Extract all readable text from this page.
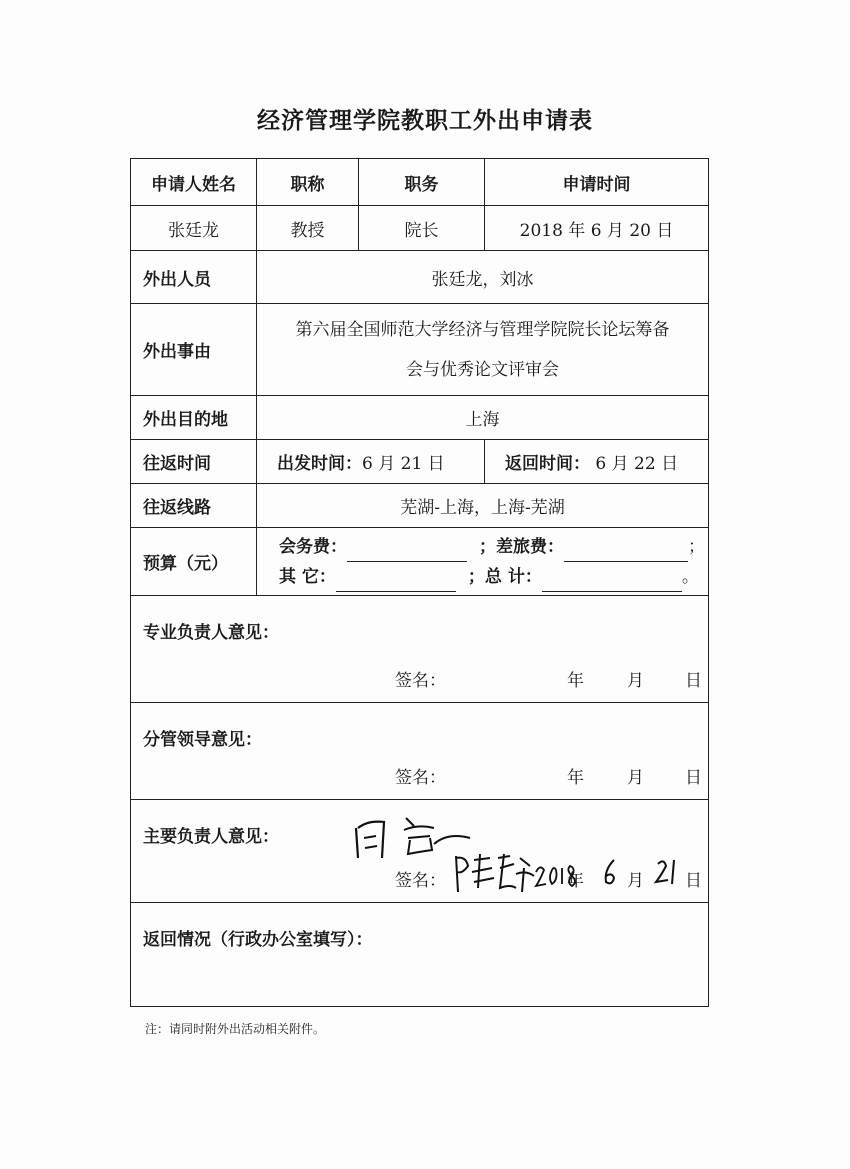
经济管理学院教职工外出申请表
申请人姓名	职称	职务	申请时间
张廷龙	教授	院长	2018 年 6 月 20 日
外出人员	张廷龙，刘冰		
外出事由	第六届全国师范大学经济与管理学院院长论坛筹备
会与优秀论文评审会		

外出目的地	上海		
往返时间	出发时间：6 月 21 日		返回时间： 6 月 22 日
往返线路	芜湖-上海，上海-芜湖		
预算（元）	会务费： ；差旅费： ；
其 它： ；总 计： 。		

专业负责人意见：
签名： 年 月 日			

分管领导意见：
签名： 年 月 日			

主要负责人意见：
签名： 年 月 日			

返回情况（行政办公室填写）：			
注：请同时附外出活动相关附件。
